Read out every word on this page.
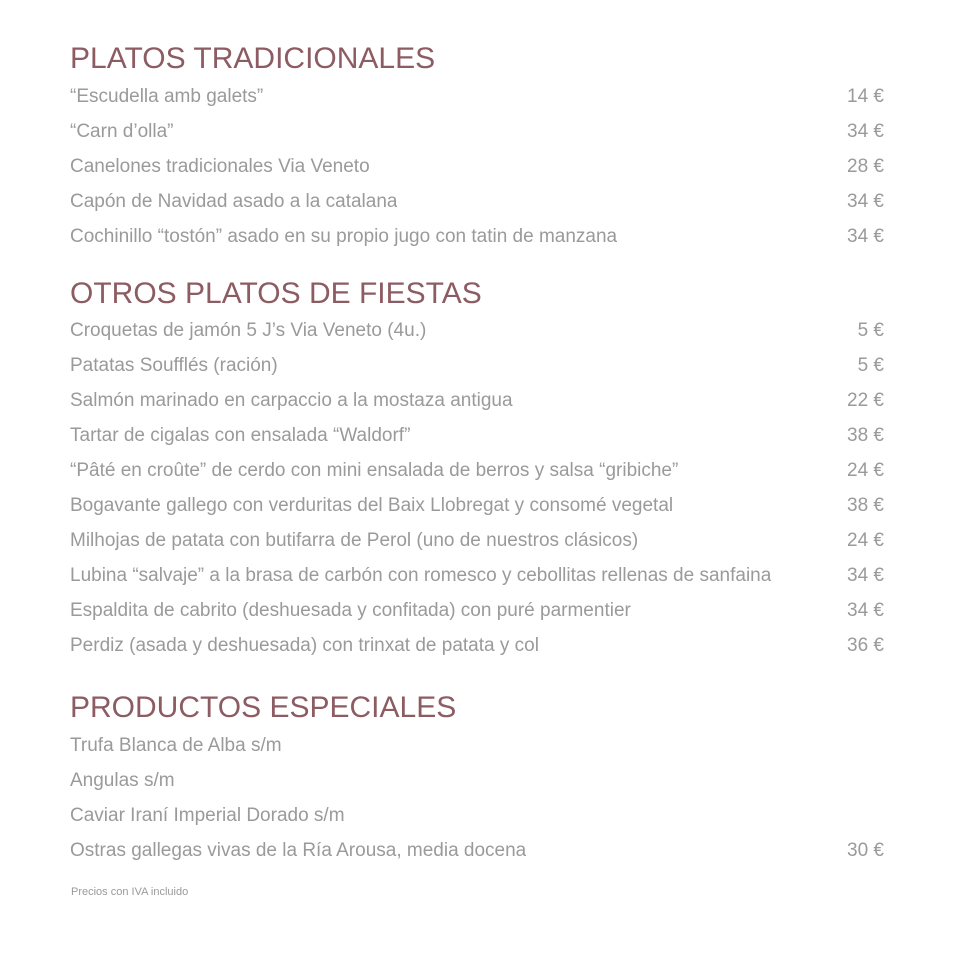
PLATOS TRADICIONALES
“Escudella amb galets”	14 €
“Carn d’olla”	34 €
Canelones tradicionales Via Veneto	28 €
Capón de Navidad asado a la catalana	34 €
Cochinillo “tostón” asado en su propio jugo con tatin de manzana	34 €
OTROS PLATOS DE FIESTAS
Croquetas de jamón 5 J’s Via Veneto (4u.)	5 €
Patatas Soufflés (ración)	5 €
Salmón marinado en carpaccio a la mostaza antigua	22 €
Tartar de cigalas con ensalada “Waldorf”	38 €
“Pâté en croûte” de cerdo con mini ensalada de berros y salsa “gribiche”	24 €
Bogavante gallego con verduritas del Baix Llobregat y consomé vegetal	38 €
Milhojas de patata con butifarra de Perol (uno de nuestros clásicos)	24 €
Lubina “salvaje” a la brasa de carbón con romesco y cebollitas rellenas de sanfaina	34 €
Espaldita de cabrito (deshuesada y confitada) con puré parmentier	34 €
Perdiz (asada y deshuesada) con trinxat de patata y col	36 €
PRODUCTOS ESPECIALES
Trufa Blanca de Alba s/m
Angulas s/m
Caviar Iraní Imperial Dorado s/m
Ostras gallegas vivas de la Ría Arousa, media docena	30 €
Precios con IVA incluido
